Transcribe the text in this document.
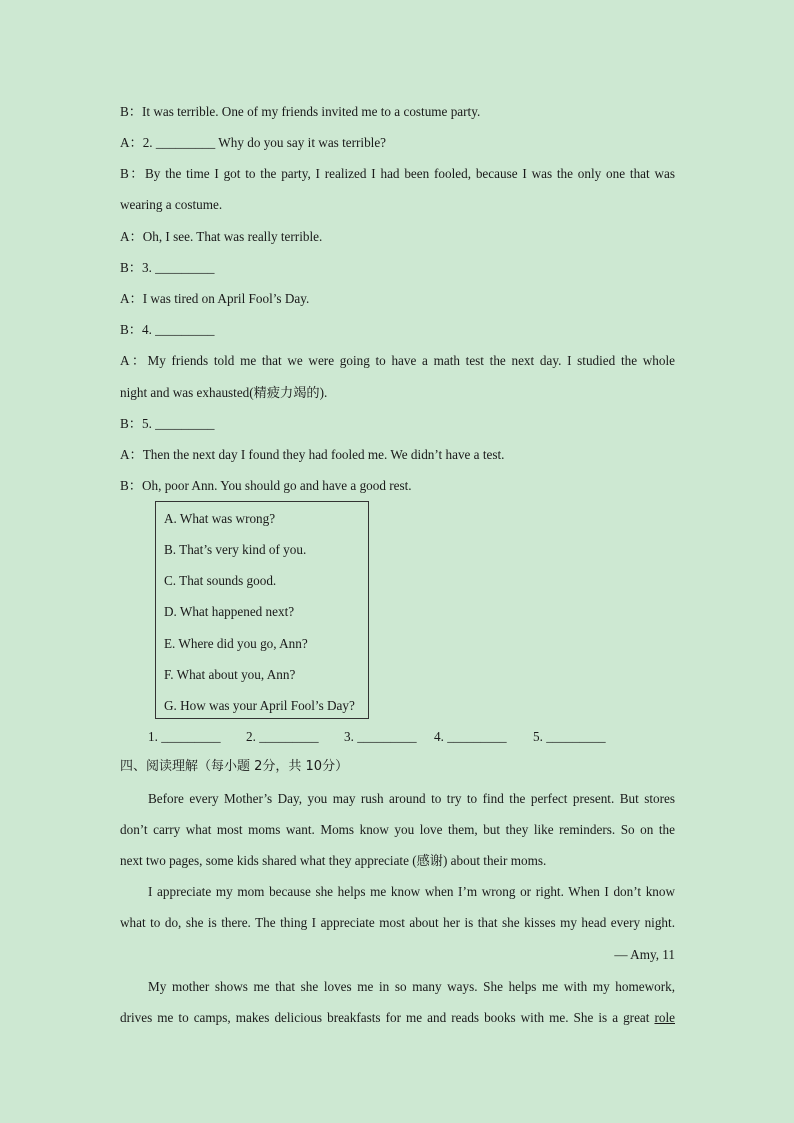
B：It was terrible. One of my friends invited me to a costume party.
A：2. _________ Why do you say it was terrible?
B：By the time I got to the party, I realized I had been fooled, because I was the only one that was
wearing a costume.
A：Oh, I see. That was really terrible.
B：3. _________
A：I was tired on April Fool’s Day.
B：4. _________
A：My friends told me that we were going to have a math test the next day. I studied the whole
night and was exhausted(精疲力竭的).
B：5. _________
A：Then the next day I found they had fooled me. We didn’t have a test.
B：Oh, poor Ann. You should go and have a good rest.
A. What was wrong?
B. That’s very kind of you.
C. That sounds good.
D. What happened next?
E. Where did you go, Ann?
F. What about you, Ann?
G. How was your April Fool’s Day?
1. _________ 2. _________ 3. _________ 4. _________ 5. _________
四、阅读理解（每小题 2分，共 10分）
Before every Mother’s Day, you may rush around to try to find the perfect present. But stores
don’t carry what most moms want. Moms know you love them, but they like reminders. So on the
next two pages, some kids shared what they appreciate (感谢) about their moms.
I appreciate my mom because she helps me know when I’m wrong or right. When I don’t know
what to do, she is there. The thing I appreciate most about her is that she kisses my head every night.
— Amy, 11
My mother shows me that she loves me in so many ways. She helps me with my homework,
drives me to camps, makes delicious breakfasts for me and reads books with me. She is a great role
